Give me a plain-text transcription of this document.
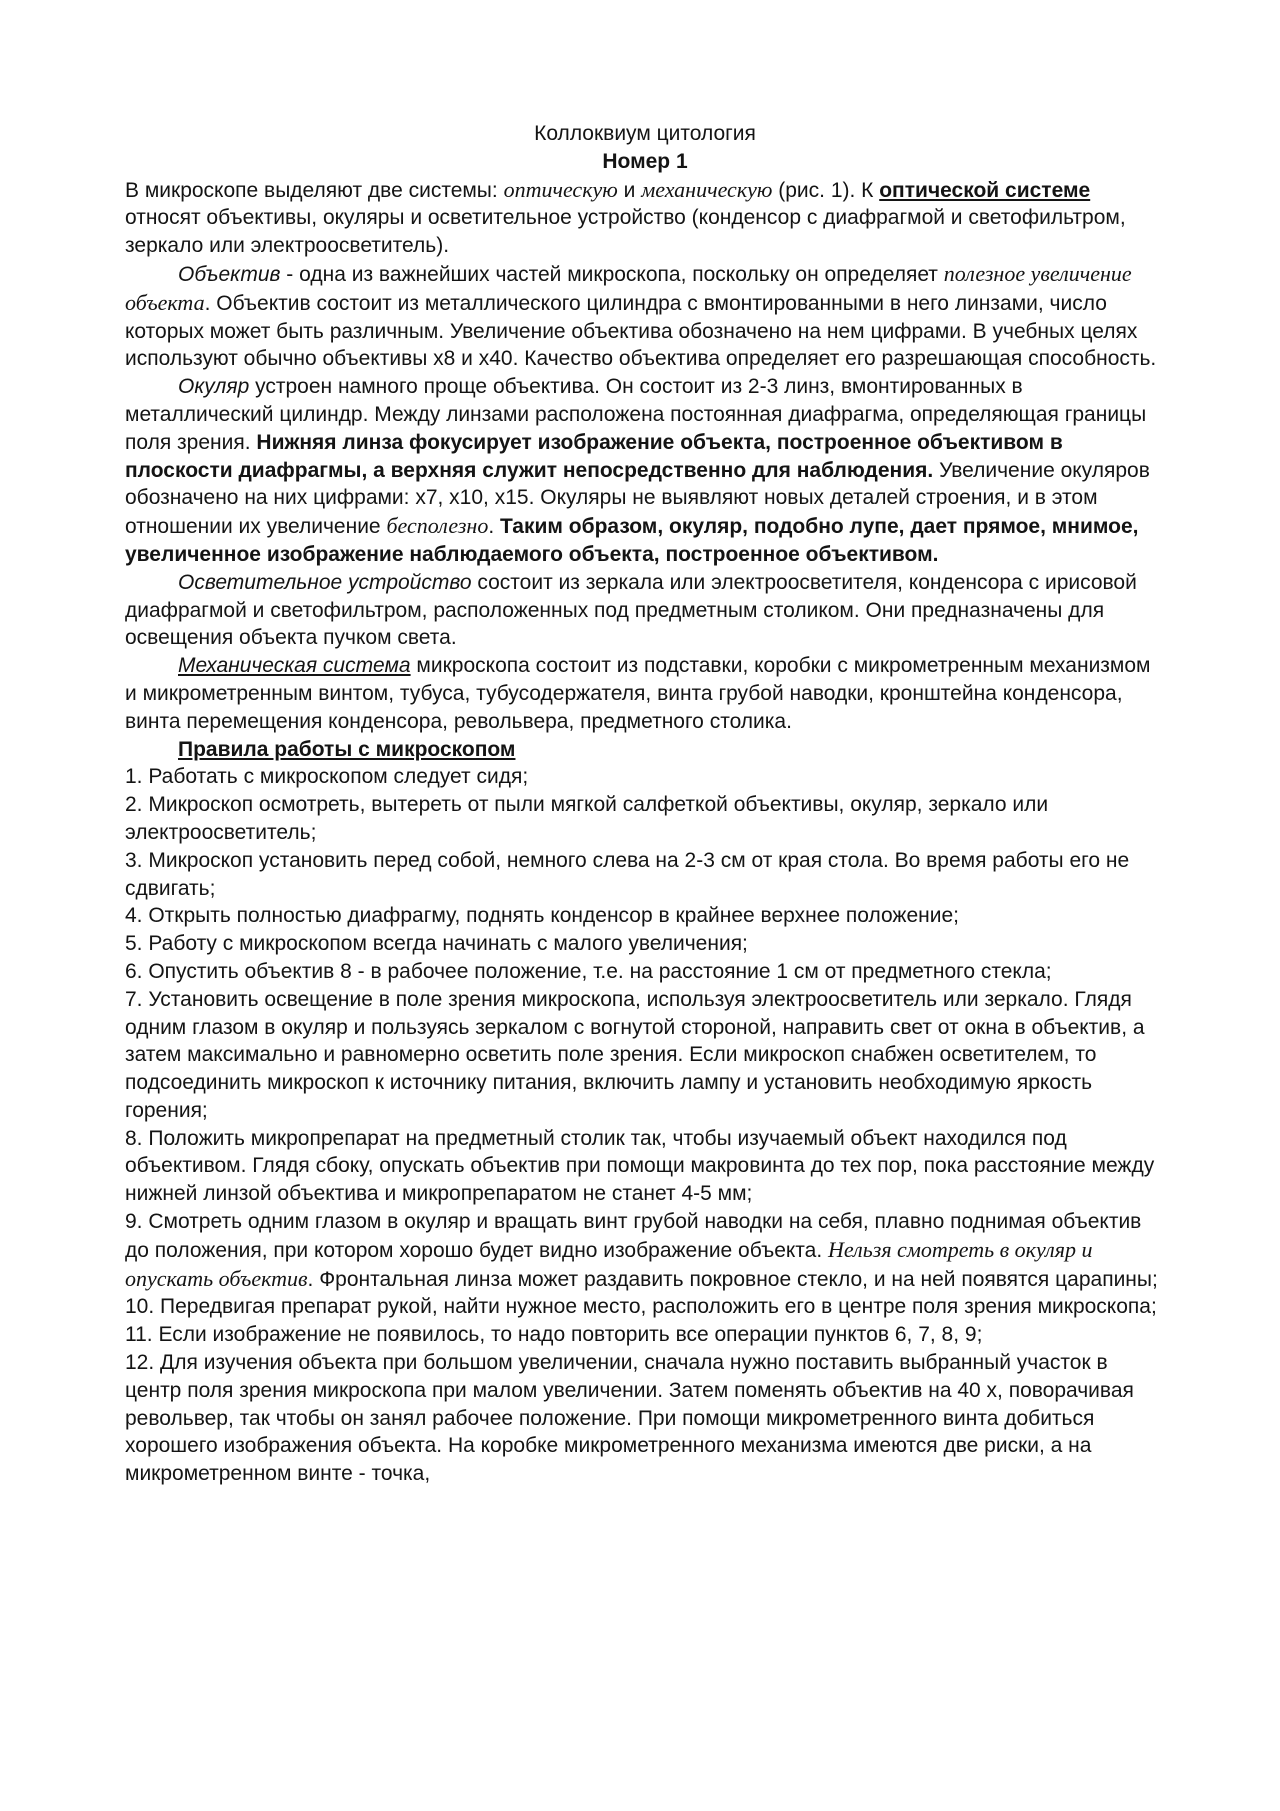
Коллоквиум цитология

Номер 1

В микроскопе выделяют две системы: оптическую и механическую (рис. 1). К оптической системе относят объективы, окуляры и осветительное устройство (конденсор с диафрагмой и светофильтром, зеркало или электроосветитель).

Объектив - одна из важнейших частей микроскопа, поскольку он определяет полезное увеличение объекта. Объектив состоит из металлического цилиндра с вмонтированными в него линзами, число которых может быть различным. Увеличение объектива обозначено на нем цифрами. В учебных целях используют обычно объективы х8 и х40. Качество объектива определяет его разрешающая способность.

Окуляр устроен намного проще объектива. Он состоит из 2-3 линз, вмонтированных в металлический цилиндр. Между линзами расположена постоянная диафрагма, определяющая границы поля зрения. Нижняя линза фокусирует изображение объекта, построенное объективом в плоскости диафрагмы, а верхняя служит непосредственно для наблюдения. Увеличение окуляров обозначено на них цифрами: х7, х10, х15. Окуляры не выявляют новых деталей строения, и в этом отношении их увеличение бесполезно. Таким образом, окуляр, подобно лупе, дает прямое, мнимое, увеличенное изображение наблюдаемого объекта, построенное объективом.

Осветительное устройство состоит из зеркала или электроосветителя, конденсора с ирисовой диафрагмой и светофильтром, расположенных под предметным столиком. Они предназначены для освещения объекта пучком света.

Механическая система микроскопа состоит из подставки, коробки с микрометренным механизмом и микрометренным винтом, тубуса, тубусодержателя, винта грубой наводки, кронштейна конденсора, винта перемещения конденсора, револьвера, предметного столика.

Правила работы с микроскопом

1. Работать с микроскопом следует сидя;

2. Микроскоп осмотреть, вытереть от пыли мягкой салфеткой объективы, окуляр, зеркало или электроосветитель;

3. Микроскоп установить перед собой, немного слева на 2-3 см от края стола. Во время работы его не сдвигать;

4. Открыть полностью диафрагму, поднять конденсор в крайнее верхнее положение;

5. Работу с микроскопом всегда начинать с малого увеличения;

6. Опустить объектив 8 - в рабочее положение, т.е. на расстояние 1 см от предметного стекла;

7. Установить освещение в поле зрения микроскопа, используя электроосветитель или зеркало. Глядя одним глазом в окуляр и пользуясь зеркалом с вогнутой стороной, направить свет от окна в объектив, а затем максимально и равномерно осветить поле зрения. Если микроскоп снабжен осветителем, то подсоединить микроскоп к источнику питания, включить лампу и установить необходимую яркость горения;

8. Положить микропрепарат на предметный столик так, чтобы изучаемый объект находился под объективом. Глядя сбоку, опускать объектив при помощи макровинта до тех пор, пока расстояние между нижней линзой объектива и микропрепаратом не станет 4-5 мм;

9. Смотреть одним глазом в окуляр и вращать винт грубой наводки на себя, плавно поднимая объектив до положения, при котором хорошо будет видно изображение объекта. Нельзя смотреть в окуляр и опускать объектив. Фронтальная линза может раздавить покровное стекло, и на ней появятся царапины;

10. Передвигая препарат рукой, найти нужное место, расположить его в центре поля зрения микроскопа;

11. Если изображение не появилось, то надо повторить все операции пунктов 6, 7, 8, 9;

12. Для изучения объекта при большом увеличении, сначала нужно поставить выбранный участок в центр поля зрения микроскопа при малом увеличении. Затем поменять объектив на 40 х, поворачивая револьвер, так чтобы он занял рабочее положение. При помощи микрометренного винта добиться хорошего изображения объекта. На коробке микрометренного механизма имеются две риски, а на микрометренном винте - точка,
